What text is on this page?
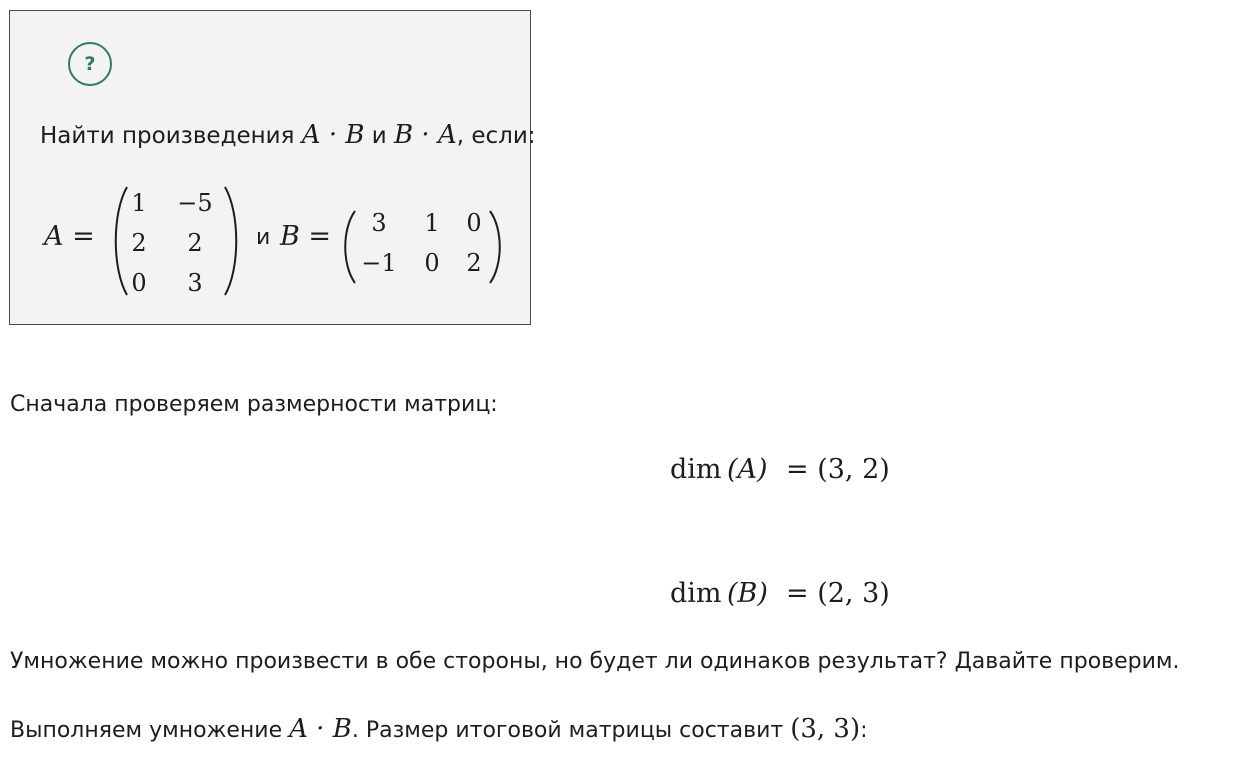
?
Найти произведения A · B и B · A, если:
A =
1	−5
2	2
0	3
и B =	3	1	0
−1	0	2
Сначала проверяем размерности матриц:
dim  (A) = (3, 2)
dim  (B) = (2, 3)
Умножение можно произвести в обе стороны, но будет ли одинаков результат? Давайте проверим.
Выполняем умножение A · B. Размер итоговой матрицы составит (3, 3):
